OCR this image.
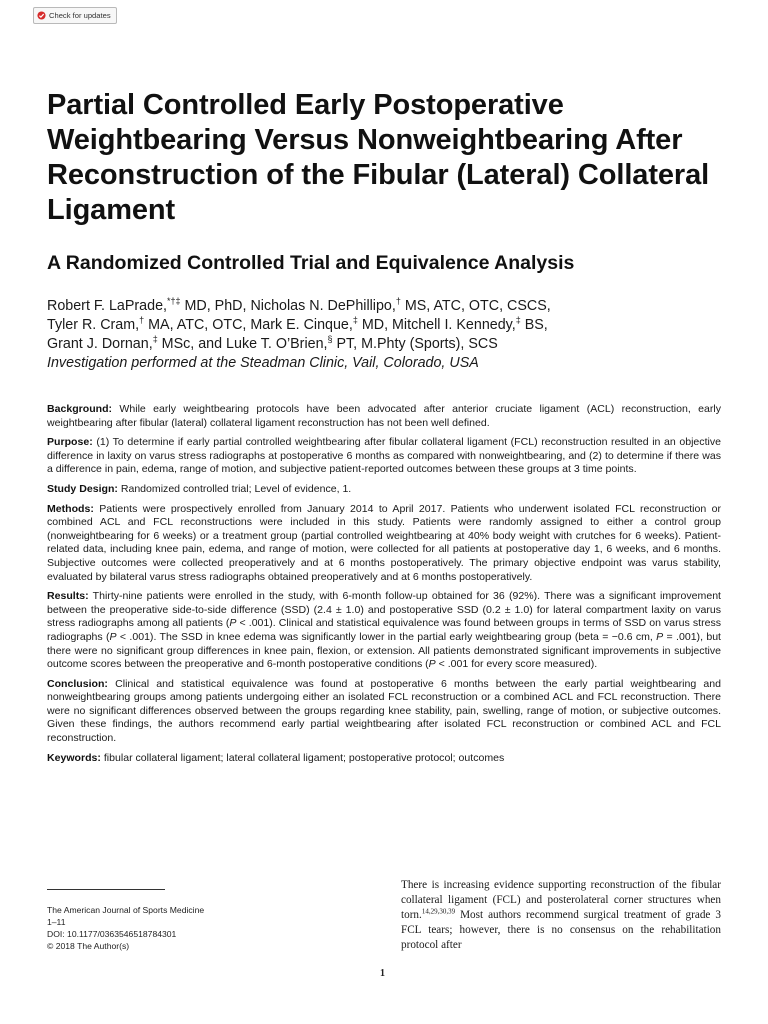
Check for updates
Partial Controlled Early Postoperative Weightbearing Versus Nonweightbearing After Reconstruction of the Fibular (Lateral) Collateral Ligament
A Randomized Controlled Trial and Equivalence Analysis
Robert F. LaPrade,*†‡ MD, PhD, Nicholas N. DePhillipo,† MS, ATC, OTC, CSCS,
Tyler R. Cram,† MA, ATC, OTC, Mark E. Cinque,‡ MD, Mitchell I. Kennedy,‡ BS,
Grant J. Dornan,‡ MSc, and Luke T. O’Brien,§ PT, M.Phty (Sports), SCS
Investigation performed at the Steadman Clinic, Vail, Colorado, USA

Background: While early weightbearing protocols have been advocated after anterior cruciate ligament (ACL) reconstruction, early weightbearing after fibular (lateral) collateral ligament reconstruction has not been well defined.

Purpose: (1) To determine if early partial controlled weightbearing after fibular collateral ligament (FCL) reconstruction resulted in an objective difference in laxity on varus stress radiographs at postoperative 6 months as compared with nonweightbearing, and (2) to determine if there was a difference in pain, edema, range of motion, and subjective patient-reported outcomes between these groups at 3 time points.

Study Design: Randomized controlled trial; Level of evidence, 1.

Methods: Patients were prospectively enrolled from January 2014 to April 2017. Patients who underwent isolated FCL reconstruction or combined ACL and FCL reconstructions were included in this study. Patients were randomly assigned to either a control group (nonweightbearing for 6 weeks) or a treatment group (partial controlled weightbearing at 40% body weight with crutches for 6 weeks). Patient-related data, including knee pain, edema, and range of motion, were collected for all patients at postoperative day 1, 6 weeks, and 6 months. Subjective outcomes were collected preoperatively and at 6 months postoperatively. The primary objective endpoint was varus stability, evaluated by bilateral varus stress radiographs obtained preoperatively and at 6 months postoperatively.

Results: Thirty-nine patients were enrolled in the study, with 6-month follow-up obtained for 36 (92%). There was a significant improvement between the preoperative side-to-side difference (SSD) (2.4 ± 1.0) and postoperative SSD (0.2 ± 1.0) for lateral compartment laxity on varus stress radiographs among all patients (P < .001). Clinical and statistical equivalence was found between groups in terms of SSD on varus stress radiographs (P < .001). The SSD in knee edema was significantly lower in the partial early weightbearing group (beta = −0.6 cm, P = .001), but there were no significant group differences in knee pain, flexion, or extension. All patients demonstrated significant improvements in subjective outcome scores between the preoperative and 6-month postoperative conditions (P < .001 for every score measured).

Conclusion: Clinical and statistical equivalence was found at postoperative 6 months between the early partial weightbearing and nonweightbearing groups among patients undergoing either an isolated FCL reconstruction or a combined ACL and FCL reconstruction. There were no significant differences observed between the groups regarding knee stability, pain, swelling, range of motion, or subjective outcomes. Given these findings, the authors recommend early partial weightbearing after isolated FCL reconstruction or combined ACL and FCL reconstruction.

Keywords: fibular collateral ligament; lateral collateral ligament; postoperative protocol; outcomes

The American Journal of Sports Medicine
1–11
DOI: 10.1177/0363546518784301
© 2018 The Author(s)
There is increasing evidence supporting reconstruction of the fibular collateral ligament (FCL) and posterolateral corner structures when torn.$^{14,29,30,39}$ Most authors recommend surgical treatment of grade 3 FCL tears; however, there is no consensus on the rehabilitation protocol after
1
